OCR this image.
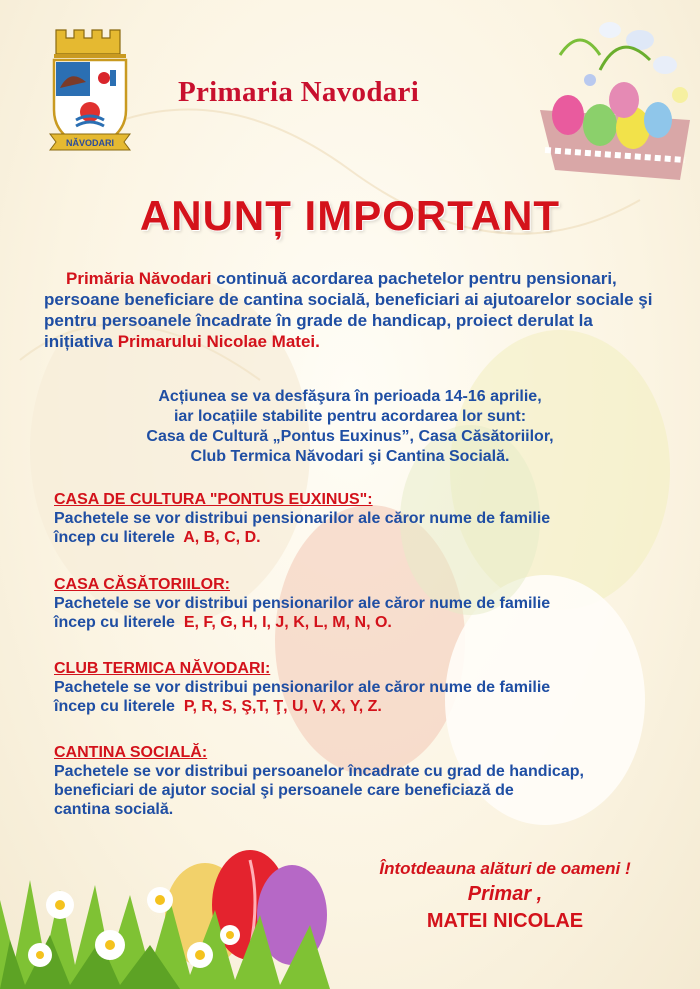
NĂVODARI
Primaria Navodari
ANUNȚ IMPORTANT
Primăria Năvodari continuă acordarea pachetelor pentru pensionari, persoane beneficiare de cantina socială, beneficiari ai ajutoarelor sociale şi pentru persoanele încadrate în grade de handicap, proiect derulat la inițiativa Primarului Nicolae Matei.
Acțiunea se va desfăşura în perioada 14-16 aprilie,
iar locațiile stabilite pentru acordarea lor sunt:
Casa de Cultură „Pontus Euxinus”, Casa Căsătoriilor,
Club Termica Năvodari şi Cantina Socială.
CASA DE CULTURA "PONTUS EUXINUS":
Pachetele se vor distribui pensionarilor ale căror nume de familie
încep cu literele A, B, C, D.
CASA CĂSĂTORIILOR:
Pachetele se vor distribui pensionarilor ale căror nume de familie
încep cu literele E, F, G, H, I, J, K, L, M, N, O.
CLUB TERMICA NĂVODARI:
Pachetele se vor distribui pensionarilor ale căror nume de familie
încep cu literele P, R, S, Ş,T, Ţ, U, V, X, Y, Z.
CANTINA SOCIALĂ:
Pachetele se vor distribui persoanelor încadrate cu grad de handicap,
beneficiari de ajutor social şi persoanele care beneficiază de
cantina socială.
Întotdeauna alături de oameni !
Primar ,
MATEI NICOLAE
